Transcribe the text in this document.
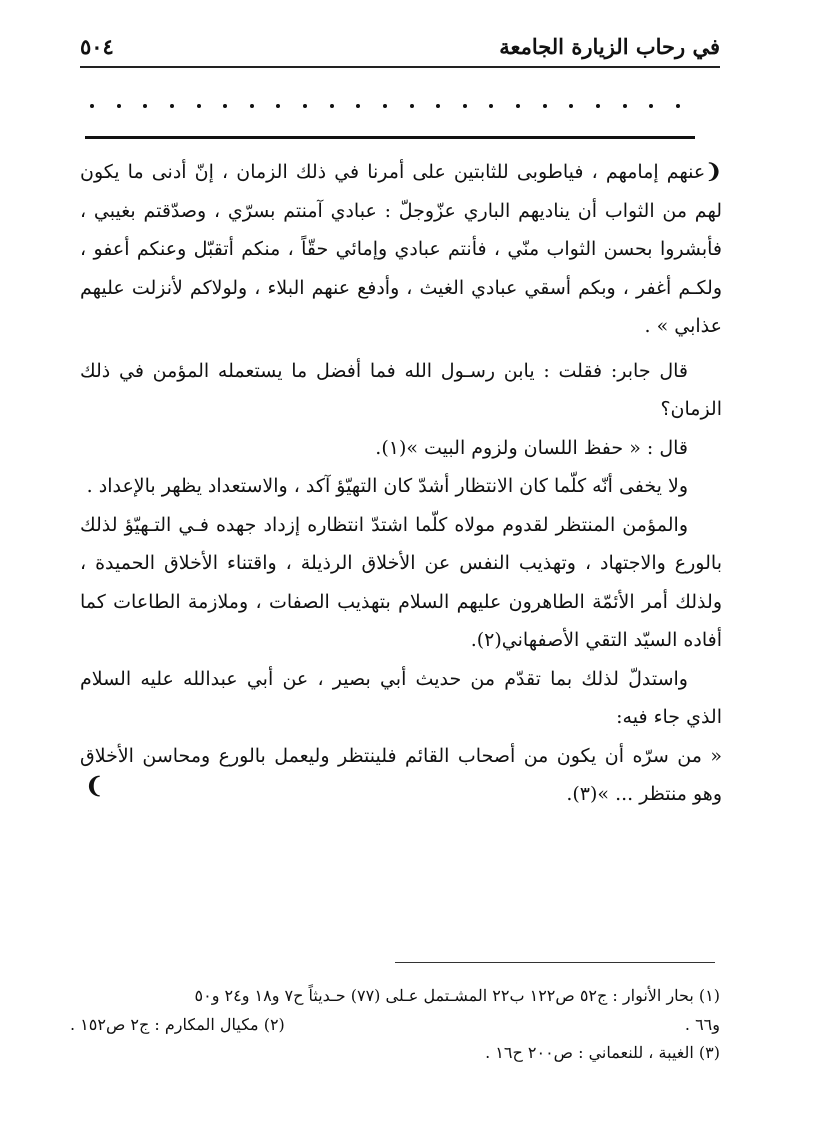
في رحاب الزيارة الجامعة
٥٠٤

❨عنهم إمامهم ، فياطوبى للثابتين على أمرنا في ذلك الزمان ، إنّ أدنى ما يكون لهم من الثواب أن يناديهم الباري عزّوجلّ : عبادي آمنتم بسرّي ، وصدّقتم بغيبي ، فأبشروا بحسن الثواب منّي ، فأنتم عبادي وإمائي حقّاً ، منكم أتقبّل وعنكم أعفو ، ولكـم أغفر ، وبكم أسقي عبادي الغيث ، وأدفع عنهم البلاء ، ولولاكم لأنزلت عليهم عذابي » .

قال جابر: فقلت : يابن رسـول الله فما أفضل ما يستعمله المؤمن في ذلك الزمان؟

قال : « حفظ اللسان ولزوم البيت »(١).

ولا يخفى أنّه كلّما كان الانتظار أشدّ كان التهيّؤ آكد ، والاستعداد يظهر بالإعداد .

والمؤمن المنتظر لقدوم مولاه كلّما اشتدّ انتظاره إزداد جهده فـي التـهيّؤ لذلك بالورع والاجتهاد ، وتهذيب النفس عن الأخلاق الرذيلة ، واقتناء الأخلاق الحميدة ، ولذلك أمر الأئمّة الطاهرون عليهم السلام بتهذيب الصفات ، وملازمة الطاعات كما أفاده السيّد التقي الأصفهاني(٢).

واستدلّ لذلك بما تقدّم من حديث أبي بصير ، عن أبي عبدالله عليه السلام الذي جاء فيه:

« من سرّه أن يكون من أصحاب القائم فلينتظر وليعمل بالورع ومحاسن الأخلاق وهو منتظر ... »(٣).

❩

(١) بحار الأنوار : ج٥٢ ص١٢٢ ب٢٢ المشـتمل عـلى (٧٧) حـديثاً ح٧ و١٨ و٢٤ و٥٠

و٦٦ .
(٢) مكيال المكارم : ج٢ ص١٥٢ .

(٣) الغيبة ، للنعماني : ص٢٠٠ ح١٦ .
